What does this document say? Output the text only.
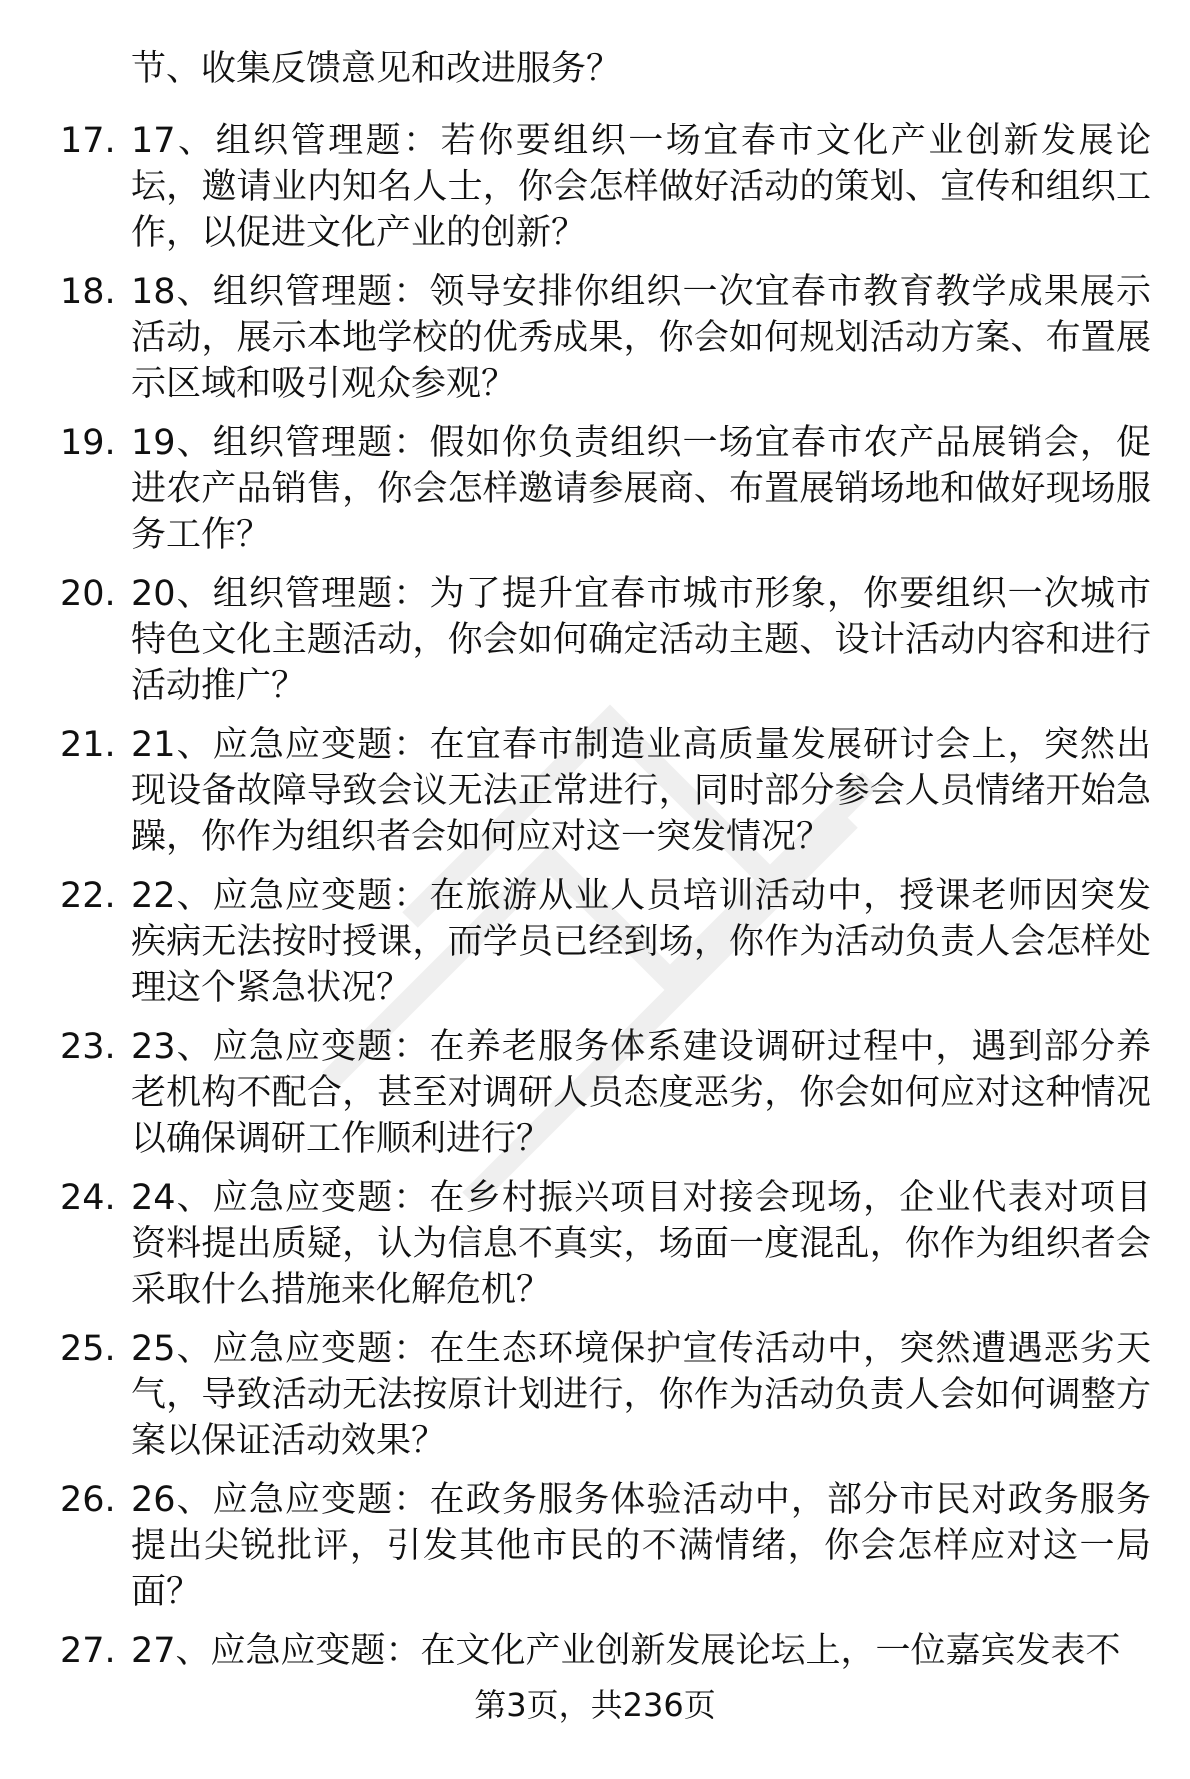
节、收集反馈意见和改进服务？
17. 17、组织管理题：若你要组织一场宜春市文化产业创新发展论坛，邀请业内知名人士，你会怎样做好活动的策划、宣传和组织工作，以促进文化产业的创新？
18. 18、组织管理题：领导安排你组织一次宜春市教育教学成果展示活动，展示本地学校的优秀成果，你会如何规划活动方案、布置展示区域和吸引观众参观？
19. 19、组织管理题：假如你负责组织一场宜春市农产品展销会，促进农产品销售，你会怎样邀请参展商、布置展销场地和做好现场服务工作？
20. 20、组织管理题：为了提升宜春市城市形象，你要组织一次城市特色文化主题活动，你会如何确定活动主题、设计活动内容和进行活动推广？
21. 21、应急应变题：在宜春市制造业高质量发展研讨会上，突然出现设备故障导致会议无法正常进行，同时部分参会人员情绪开始急躁，你作为组织者会如何应对这一突发情况？
22. 22、应急应变题：在旅游从业人员培训活动中，授课老师因突发疾病无法按时授课，而学员已经到场，你作为活动负责人会怎样处理这个紧急状况？
23. 23、应急应变题：在养老服务体系建设调研过程中，遇到部分养老机构不配合，甚至对调研人员态度恶劣，你会如何应对这种情况以确保调研工作顺利进行？
24. 24、应急应变题：在乡村振兴项目对接会现场，企业代表对项目资料提出质疑，认为信息不真实，场面一度混乱，你作为组织者会采取什么措施来化解危机？
25. 25、应急应变题：在生态环境保护宣传活动中，突然遭遇恶劣天气，导致活动无法按原计划进行，你作为活动负责人会如何调整方案以保证活动效果？
26. 26、应急应变题：在政务服务体验活动中，部分市民对政务服务提出尖锐批评，引发其他市民的不满情绪，你会怎样应对这一局面？
27. 27、应急应变题：在文化产业创新发展论坛上，一位嘉宾发表不
第3页，共236页
